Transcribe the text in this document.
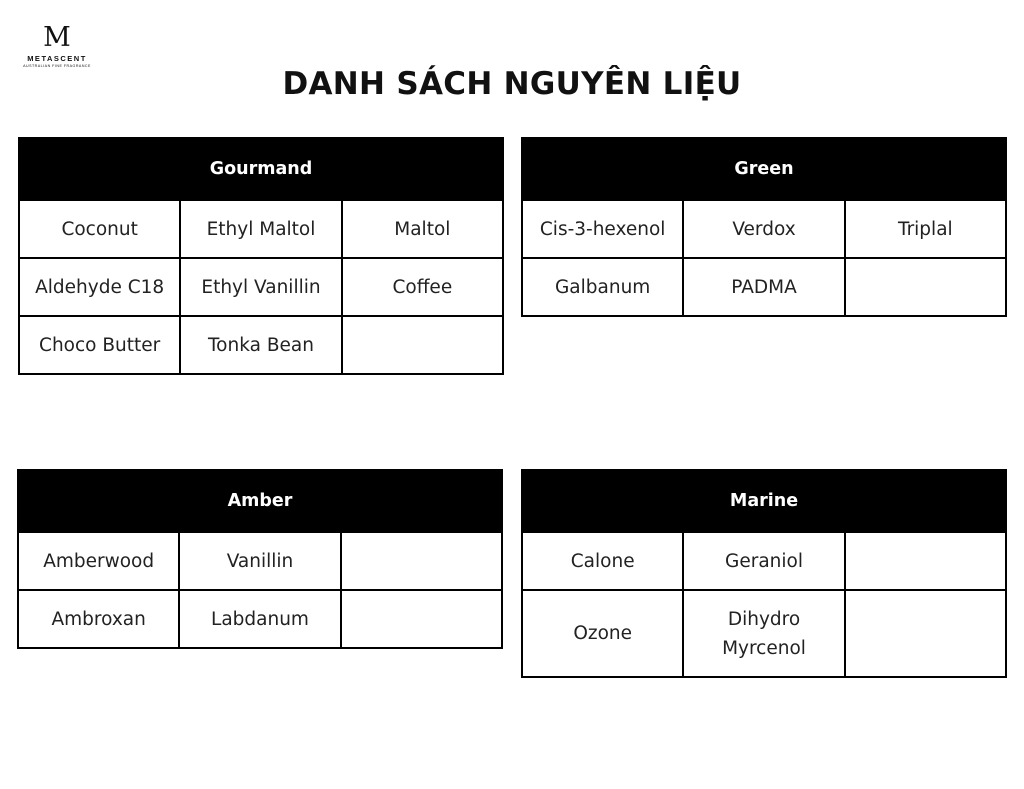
M
METASCENT
AUSTRALIAN FINE FRAGRANCE	DANH SÁCH NGUYÊN LIỆU
Gourmand		
Coconut	Ethyl Maltol	Maltol
Aldehyde C18	Ethyl Vanillin	Coffee
Choco Butter	Tonka Bean	
Green		
Cis-3-hexenol	Verdox	Triplal
Galbanum	PADMA	
Amber		
Amberwood	Vanillin	
Ambroxan	Labdanum	
Marine		
Calone	Geraniol	
Ozone	Dihydro Myrcenol	
